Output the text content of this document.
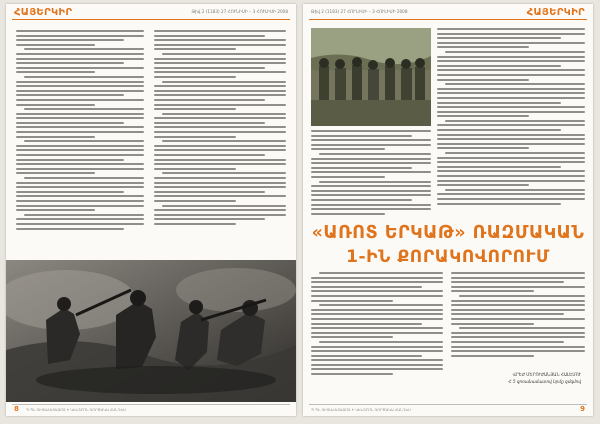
ՀԱՅԵՐԿԻՐ	Թիվ 2 (1183) 27 ՀՈՒՆԻՍԻ – 3 ՀՈՒԼԻՍԻ 2008
8 Պ ՊՆ ԳԻՏԱՀԵՏԱԶՈՏ Ի ԿԵՆՏՐՈՆ ԳՈՐԾԱԿԱ ՀԱՆԴԵՍ
Թիվ 2 (1183) 27 ՀՈՒՆԻՍԻ – 3 ՀՈՒԼԻՍԻ 2008	ՀԱՅԵՐԿԻՐ
«ԱՌՈՏ ԵՐԿԱԹ» ՌԱԶՄԱԿԱՆ
1-ԻՆ ՔՈՐԱԿՈՎՈՐՈՒՄ
ՎՐԵԺ ՄԵՐՈՒԺԱՆՅԱՆ ՀԱԼԵՄՈՒ
Հ 5 զոռանամատով նրմը զմզմով
Պ ՊՆ ԳԻՏԱՀԵՏԱԶՈՏ Ի ԿԵՆՏՐՈՆ ԳՈՐԾԱԿԱ ՀԱՆԴԵՍ	9
